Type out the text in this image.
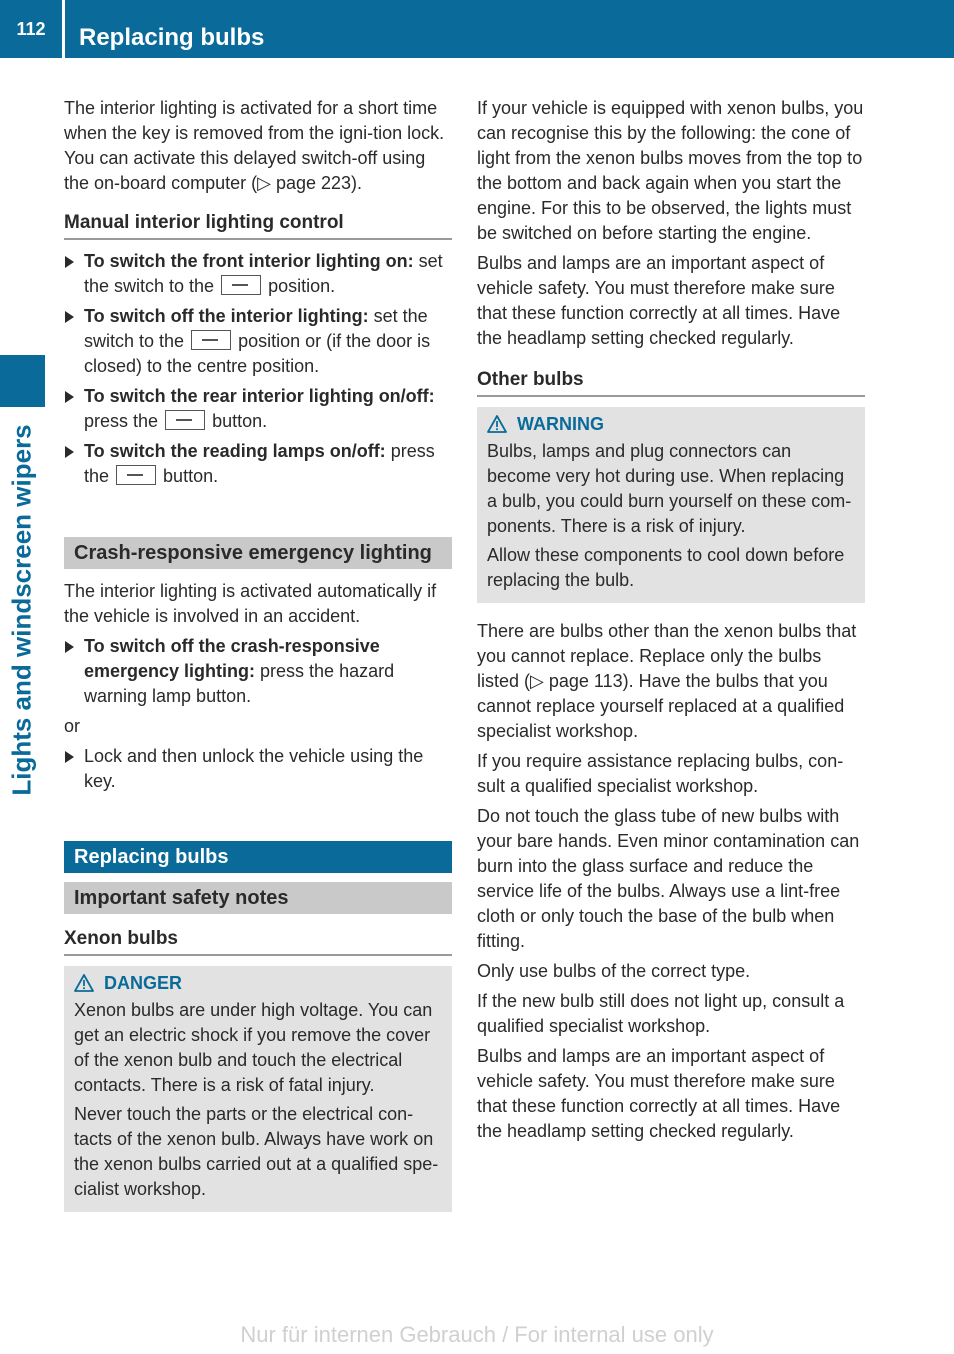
112	Replacing bulbs
Lights and windscreen wipers

The interior lighting is activated for a short time when the key is removed from the igni-tion lock. You can activate this delayed switch-off using the on-board computer (▷ page 223).

Manual interior lighting control
To switch the front interior lighting on: set the switch to the	position.
To switch off the interior lighting: set the switch to the	position or (if the door is closed) to the centre position.
To switch the rear interior lighting on/off: press the	button.
To switch the reading lamps on/off: press the	button.
Crash-responsive emergency lighting

The interior lighting is activated automatically if the vehicle is involved in an accident.

To switch off the crash-responsive emergency lighting: press the hazard warning lamp button.

or

Lock and then unlock the vehicle using the key.
Replacing bulbs
Important safety notes
Xenon bulbs
DANGER

Xenon bulbs are under high voltage. You can get an electric shock if you remove the cover of the xenon bulb and touch the electrical contacts. There is a risk of fatal injury.

Never touch the parts or the electrical con-tacts of the xenon bulb. Always have work on the xenon bulbs carried out at a qualified spe-cialist workshop.

If your vehicle is equipped with xenon bulbs, you can recognise this by the following: the cone of light from the xenon bulbs moves from the top to the bottom and back again when you start the engine. For this to be observed, the lights must be switched on before starting the engine.

Bulbs and lamps are an important aspect of vehicle safety. You must therefore make sure that these function correctly at all times. Have the headlamp setting checked regularly.

Other bulbs
WARNING

Bulbs, lamps and plug connectors can become very hot during use. When replacing a bulb, you could burn yourself on these com-ponents. There is a risk of injury.

Allow these components to cool down before replacing the bulb.

There are bulbs other than the xenon bulbs that you cannot replace. Replace only the bulbs listed (▷ page 113). Have the bulbs that you cannot replace yourself replaced at a qualified specialist workshop.

If you require assistance replacing bulbs, con-sult a qualified specialist workshop.

Do not touch the glass tube of new bulbs with your bare hands. Even minor contamination can burn into the glass surface and reduce the service life of the bulbs. Always use a lint-free cloth or only touch the base of the bulb when fitting.

Only use bulbs of the correct type.

If the new bulb still does not light up, consult a qualified specialist workshop.

Bulbs and lamps are an important aspect of vehicle safety. You must therefore make sure that these function correctly at all times. Have the headlamp setting checked regularly.

Nur für internen Gebrauch / For internal use only
